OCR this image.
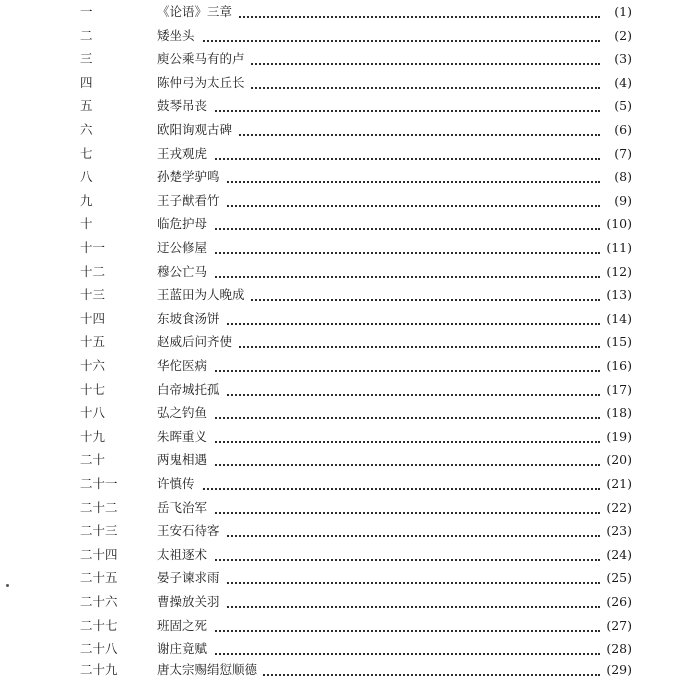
一	《论语》三章	(1)
二	矮坐头	(2)
三	庾公乘马有的卢	(3)
四	陈仲弓为太丘长	(4)
五	鼓琴吊丧	(5)
六	欧阳询观古碑	(6)
七	王戎观虎	(7)
八	孙楚学驴鸣	(8)
九	王子猷看竹	(9)
十	临危护母	(10)
十一	迂公修屋	(11)
十二	穆公亡马	(12)
十三	王蓝田为人晚成	(13)
十四	东坡食汤饼	(14)
十五	赵威后问齐使	(15)
十六	华佗医病	(16)
十七	白帝城托孤	(17)
十八	弘之钓鱼	(18)
十九	朱晖重义	(19)
二十	两鬼相遇	(20)
二十一	许慎传	(21)
二十二	岳飞治军	(22)
二十三	王安石待客	(23)
二十四	太祖逐术	(24)
二十五	晏子谏求雨	(25)
二十六	曹操放关羽	(26)
二十七	班固之死	(27)
二十八	谢庄竟赋	(28)
二十九	唐太宗赐绢愆顺德	(29)
